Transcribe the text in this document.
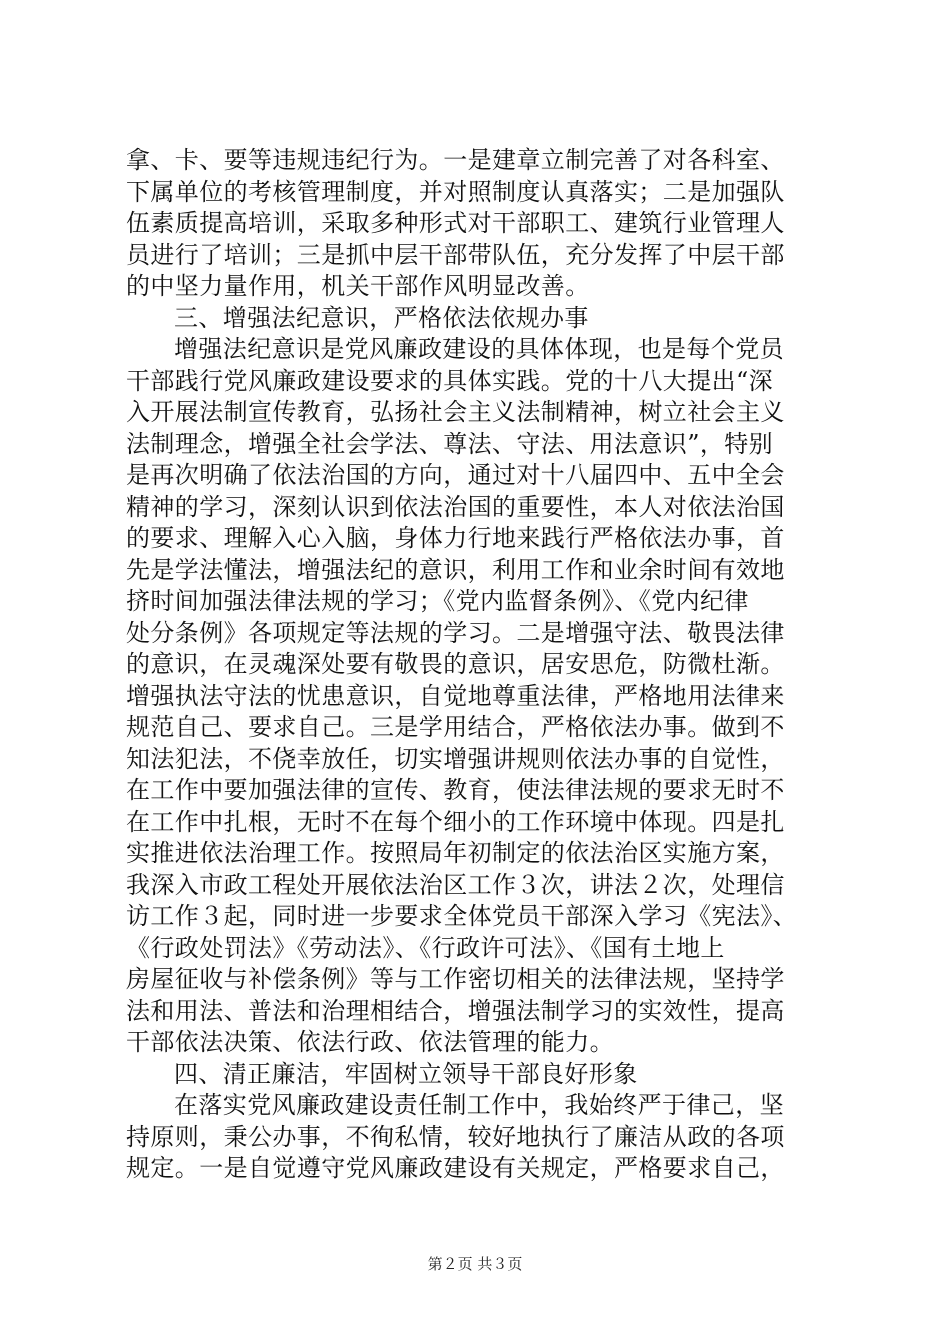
拿、卡、要等违规违纪行为。一是建章立制完善了对各科室、
下属单位的考核管理制度，并对照制度认真落实；二是加强队
伍素质提高培训，采取多种形式对干部职工、建筑行业管理人
员进行了培训；三是抓中层干部带队伍，充分发挥了中层干部
的中坚力量作用，机关干部作风明显改善。
三、增强法纪意识，严格依法依规办事
增强法纪意识是党风廉政建设的具体体现，也是每个党员
干部践行党风廉政建设要求的具体实践。党的十八大提出“深
入开展法制宣传教育，弘扬社会主义法制精神，树立社会主义
法制理念，增强全社会学法、尊法、守法、用法意识”，特别
是再次明确了依法治国的方向，通过对十八届四中、五中全会
精神的学习，深刻认识到依法治国的重要性，本人对依法治国
的要求、理解入心入脑，身体力行地来践行严格依法办事，首
先是学法懂法，增强法纪的意识，利用工作和业余时间有效地
挤时间加强法律法规的学习；《党内监督条例》、《党内纪律
处分条例》各项规定等法规的学习。二是增强守法、敬畏法律
的意识，在灵魂深处要有敬畏的意识，居安思危，防微杜渐。
增强执法守法的忧患意识，自觉地尊重法律，严格地用法律来
规范自己、要求自己。三是学用结合，严格依法办事。做到不
知法犯法，不侥幸放任，切实增强讲规则依法办事的自觉性，
在工作中要加强法律的宣传、教育，使法律法规的要求无时不
在工作中扎根，无时不在每个细小的工作环境中体现。四是扎
实推进依法治理工作。按照局年初制定的依法治区实施方案，
我深入市政工程处开展依法治区工作３次，讲法２次，处理信
访工作３起，同时进一步要求全体党员干部深入学习《宪法》、
《行政处罚法》《劳动法》、《行政许可法》、《国有土地上
房屋征收与补偿条例》等与工作密切相关的法律法规，坚持学
法和用法、普法和治理相结合，增强法制学习的实效性，提高
干部依法决策、依法行政、依法管理的能力。
四、清正廉洁，牢固树立领导干部良好形象
在落实党风廉政建设责任制工作中，我始终严于律己，坚
持原则，秉公办事，不徇私情，较好地执行了廉洁从政的各项
规定。一是自觉遵守党风廉政建设有关规定，严格要求自己，
第２页 共３页
